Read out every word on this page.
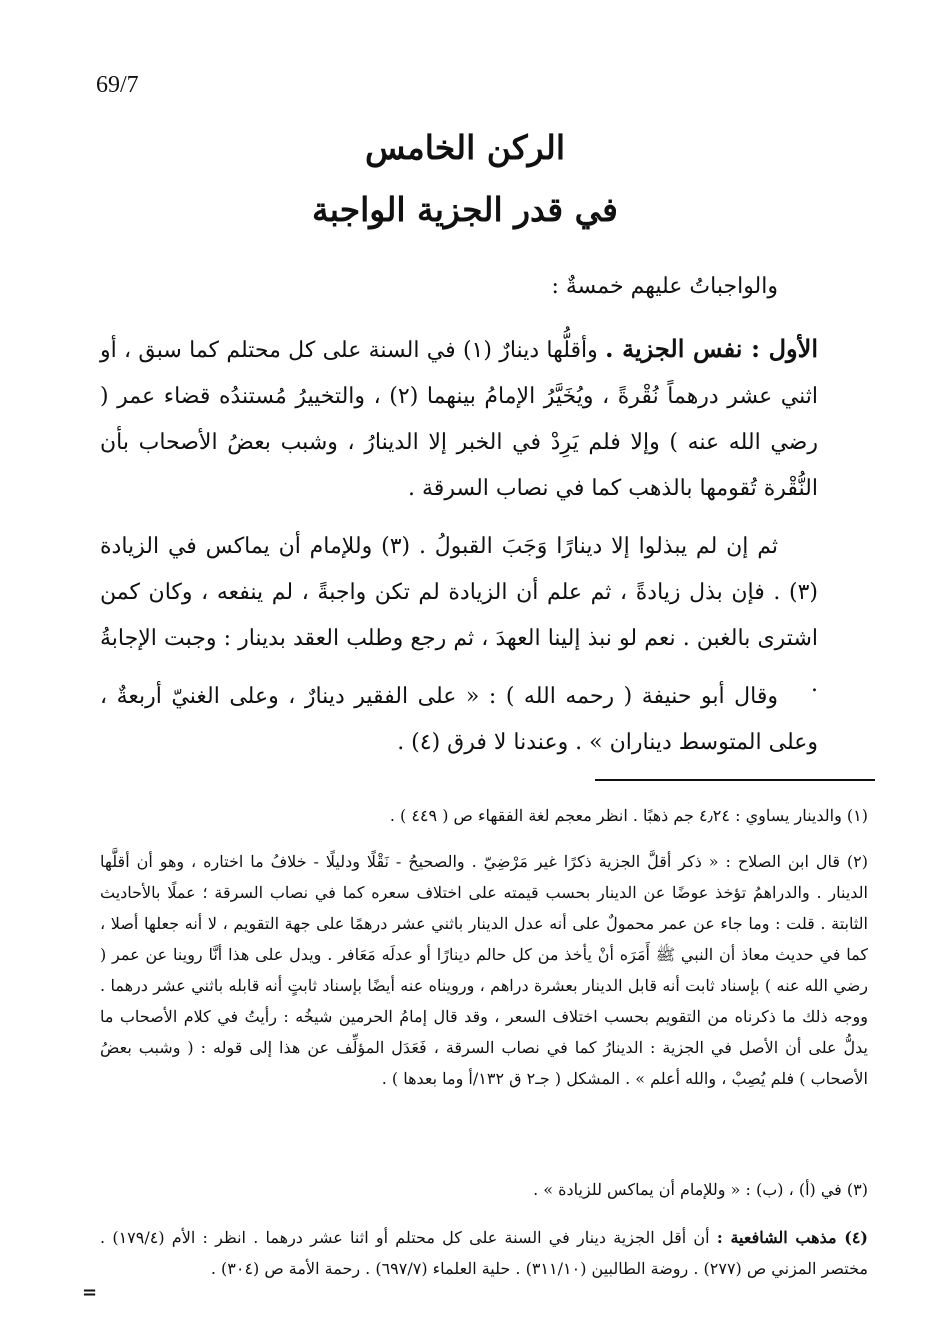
69/7
الركن الخامس
في قدر الجزية الواجبة
والواجباتُ عليهم خمسةٌ :
الأول : نفس الجزية . وأقلُّها دينارٌ (١) في السنة على كل محتلم كما سبق ، أو اثني عشر درهماً نُقْرةً ، ويُخَيَّرُ الإمامُ بينهما (٢) ، والتخييرُ مُستندُه قضاء عمر ( رضي الله عنه ) وإلا فلم يَرِدْ في الخبر إلا الدينارُ ، وشبب بعضُ الأصحاب بأن النُّقْرة تُقومها بالذهب كما في نصاب السرقة .
ثم إن لم يبذلوا إلا دينارًا وَجَبَ القبولُ . (٣) وللإمام أن يماكس في الزيادة (٣) . فإن بذل زيادةً ، ثم علم أن الزيادة لم تكن واجبةً ، لم ينفعه ، وكان كمن اشترى بالغبن . نعم لو نبذ إلينا العهدَ ، ثم رجع وطلب العقد بدينار : وجبت الإجابةُ .
وقال أبو حنيفة ( رحمه الله ) : « على الفقير دينارٌ ، وعلى الغنيّ أربعةٌ ، وعلى المتوسط ديناران » . وعندنا لا فرق (٤) .
(١) والدينار يساوي : ٤٫٢٤ جم ذهبًا . انظر معجم لغة الفقهاء ص ( ٤٤٩ ) .
(٢) قال ابن الصلاح : « ذكر أقلَّ الجزية ذكرًا غير مَرْضِيّ . والصحيحُ - نَقْلًا ودليلًا - خلافُ ما اختاره ، وهو أن أقلَّها الدينار . والدراهمُ تؤخذ عوضًا عن الدينار بحسب قيمته على اختلاف سعره كما في نصاب السرقة ؛ عملًا بالأحاديث الثابتة . قلت : وما جاء عن عمر محمولٌ على أنه عدل الدينار باثني عشر درهمًا على جهة التقويم ، لا أنه جعلها أصلا ، كما في حديث معاذ أن النبي ﷺ أَمَرَه أنْ يأخذ من كل حالم دينارًا أو عدلَه مَعَافر . ويدل على هذا أنَّا روينا عن عمر ( رضي الله عنه ) بإسناد ثابت أنه قابل الدينار بعشرة دراهم ، ورويناه عنه أيضًا بإسناد ثابتٍ أنه قابله باثني عشر درهما . ووجه ذلك ما ذكرناه من التقويم بحسب اختلاف السعر ، وقد قال إمامُ الحرمين شيخُه : رأيتُ في كلام الأصحاب ما يدلُّ على أن الأصل في الجزية : الدينارُ كما في نصاب السرقة ، فَعَدَل المؤلِّف عن هذا إلى قوله : ( وشبب بعضُ الأصحاب ) فلم يُصِبْ ، والله أعلم » . المشكل ( جـ٢ ق ١٣٢/أ وما بعدها ) .
(٣) في (أ) ، (ب) : « وللإمام أن يماكس للزيادة » .
(٤) مذهب الشافعية : أن أقل الجزية دينار في السنة على كل محتلم أو اثنا عشر درهما . انظر : الأم (١٧٩/٤) . مختصر المزني ص (٢٧٧) . روضة الطالبين (٣١١/١٠) . حلية العلماء (٦٩٧/٧) . رحمة الأمة ص (٣٠٤) .
=
